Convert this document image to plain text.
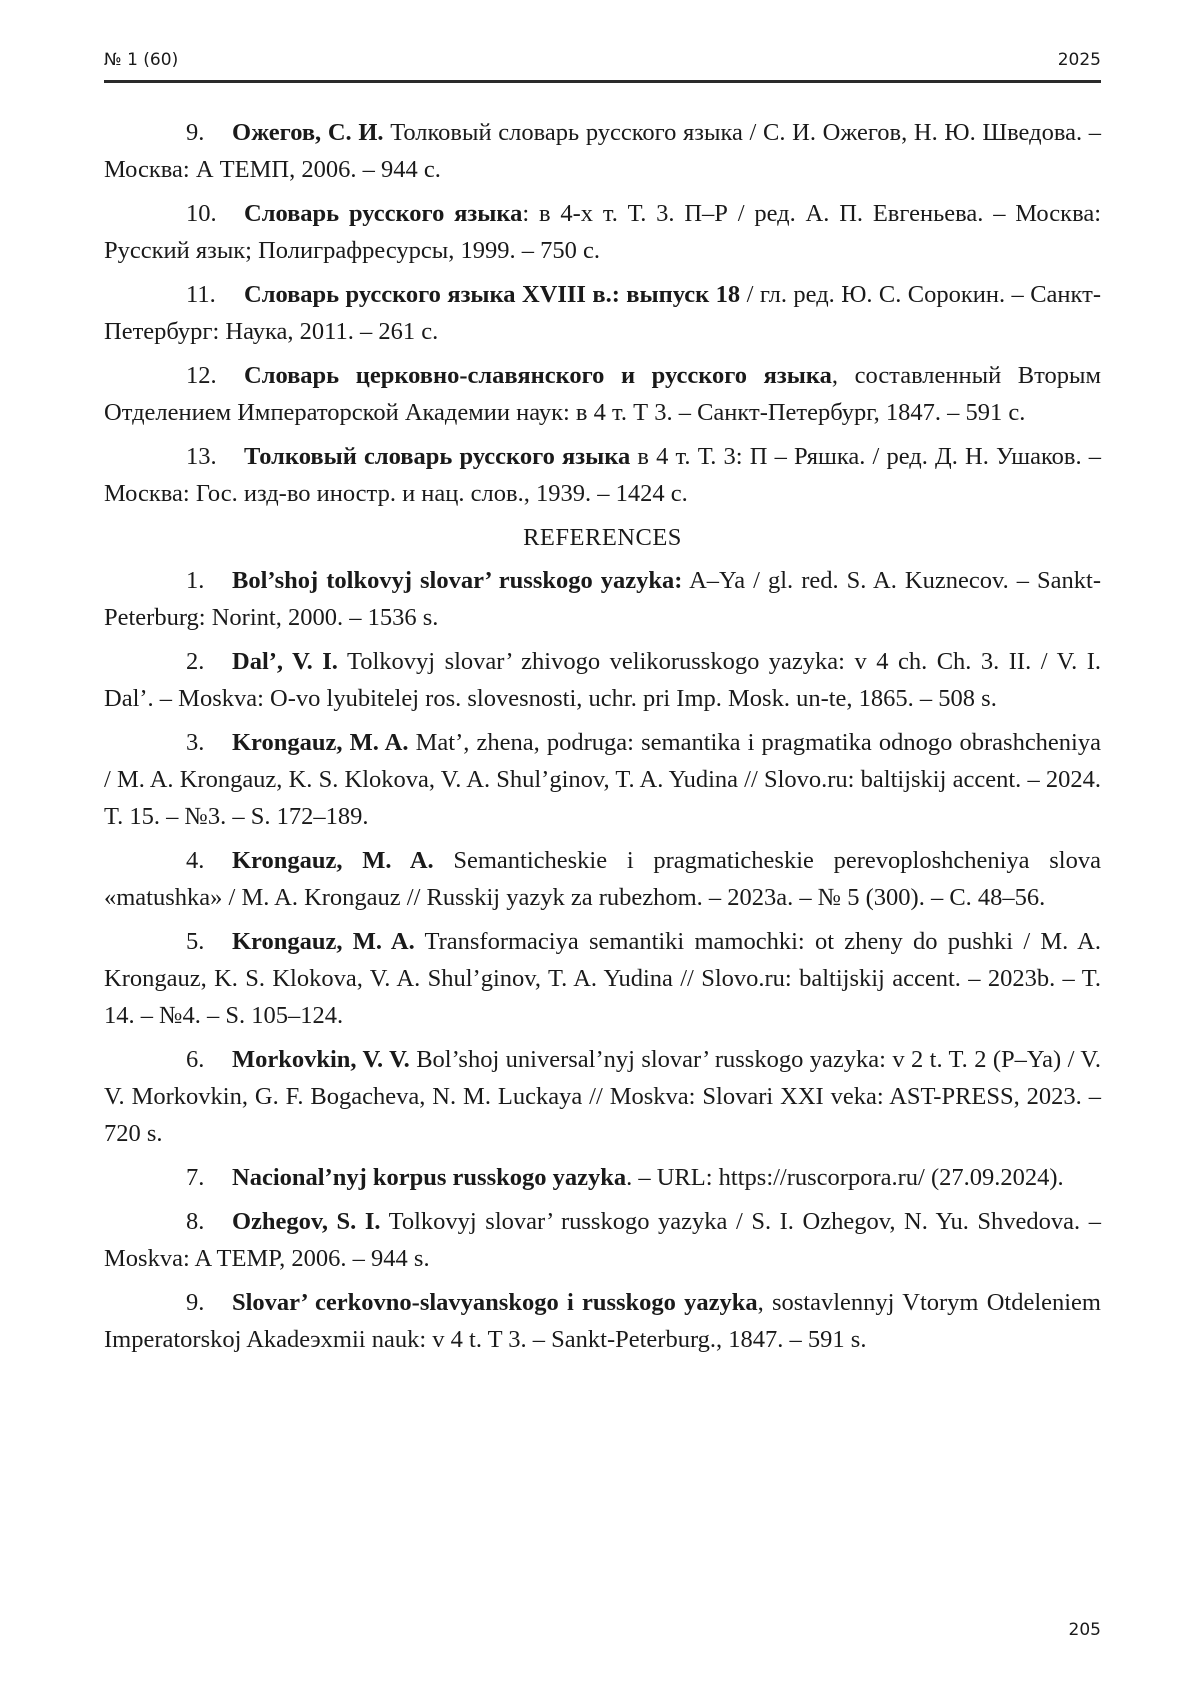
№ 1 (60)	2025

9. Ожегов, С. И. Толковый словарь русского языка / С. И. Ожегов, Н. Ю. Шведова. – Москва: А ТЕМП, 2006. – 944 с.

10. Словарь русского языка: в 4-х т. Т. 3. П–Р / ред. А. П. Евгеньева. – Москва: Русский язык; Полиграфресурсы, 1999. – 750 с.

11. Словарь русского языка XVIII в.: выпуск 18 / гл. ред. Ю. С. Сорокин. – Санкт-Петербург: Наука, 2011. – 261 с.

12. Словарь церковно-славянского и русского языка, составленный Вторым Отделением Императорской Академии наук: в 4 т. Т 3. – Санкт-Петербург, 1847. – 591 с.

13. Толковый словарь русского языка в 4 т. Т. 3: П – Ряшка. / ред. Д. Н. Ушаков. – Москва: Гос. изд-во иностр. и нац. слов., 1939. – 1424 с.

REFERENCES

1. Bol’shoj tolkovyj slovar’ russkogo yazyka: A–Ya / gl. red. S. A. Kuznecov. – Sankt-Peterburg: Norint, 2000. – 1536 s.

2. Dal’, V. I. Tolkovyj slovar’ zhivogo velikorusskogo yazyka: v 4 ch. Ch. 3. II. / V. I. Dal’. – Moskva: O-vo lyubitelej ros. slovesnosti, uchr. pri Imp. Mosk. un-te, 1865. – 508 s.

3. Krongauz, M. A. Mat’, zhena, podruga: semantika i pragmatika odnogo obrashcheniya / M. A. Krongauz, K. S. Klokova, V. A. Shul’ginov, T. A. Yudina // Slovo.ru: baltijskij accent. – 2024. T. 15. – №3. – S. 172–189.

4. Krongauz, M. A. Semanticheskie i pragmaticheskie perevoploshcheniya slova «matushka» / M. A. Krongauz // Russkij yazyk za rubezhom. – 2023a. – № 5 (300). – C. 48–56.

5. Krongauz, M. A. Transformaciya semantiki mamochki: ot zheny do pushki / M. A. Krongauz, K. S. Klokova, V. A. Shul’ginov, T. A. Yudina // Slovo.ru: baltijskij accent. – 2023b. – T. 14. – №4. – S. 105–124.

6. Morkovkin, V. V. Bol’shoj universal’nyj slovar’ russkogo yazyka: v 2 t. T. 2 (P–Ya) / V. V. Morkovkin, G. F. Bogacheva, N. M. Luckaya // Moskva: Slovari XXI veka: AST-PRESS, 2023. – 720 s.

7. Nacional’nyj korpus russkogo yazyka. – URL: https://ruscorpora.ru/ (27.09.2024).

8. Ozhegov, S. I. Tolkovyj slovar’ russkogo yazyka / S. I. Ozhegov, N. Yu. Shvedova. – Moskva: A TEMP, 2006. – 944 s.

9. Slovar’ cerkovno-slavyanskogo i russkogo yazyka, sostavlennyj Vtorym Otdeleniem Imperatorskoj Akadeэxmii nauk: v 4 t. T 3. – Sankt-Peterburg., 1847. – 591 s.

205
